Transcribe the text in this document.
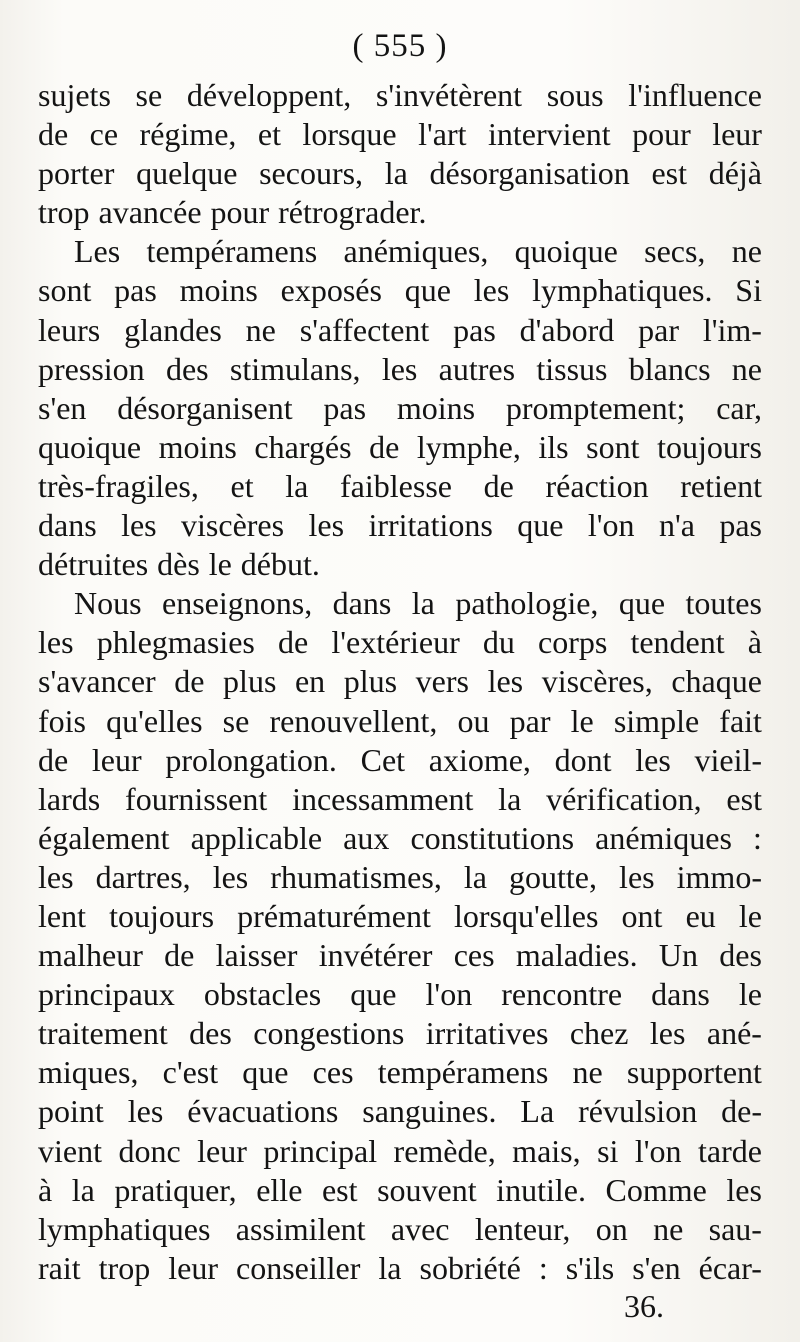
( 555 )
sujets se développent, s'invétèrent sous l'influence
de ce régime, et lorsque l'art intervient pour leur
porter quelque secours, la désorganisation est déjà
trop avancée pour rétrograder.
Les tempéramens anémiques, quoique secs, ne
sont pas moins exposés que les lymphatiques. Si
leurs glandes ne s'affectent pas d'abord par l'im-
pression des stimulans, les autres tissus blancs ne
s'en désorganisent pas moins promptement; car,
quoique moins chargés de lymphe, ils sont toujours
très-fragiles, et la faiblesse de réaction retient
dans les viscères les irritations que l'on n'a pas
détruites dès le début.
Nous enseignons, dans la pathologie, que toutes
les phlegmasies de l'extérieur du corps tendent à
s'avancer de plus en plus vers les viscères, chaque
fois qu'elles se renouvellent, ou par le simple fait
de leur prolongation. Cet axiome, dont les vieil-
lards fournissent incessamment la vérification, est
également applicable aux constitutions anémiques :
les dartres, les rhumatismes, la goutte, les immo-
lent toujours prématurément lorsqu'elles ont eu le
malheur de laisser invétérer ces maladies. Un des
principaux obstacles que l'on rencontre dans le
traitement des congestions irritatives chez les ané-
miques, c'est que ces tempéramens ne supportent
point les évacuations sanguines. La révulsion de-
vient donc leur principal remède, mais, si l'on tarde
à la pratiquer, elle est souvent inutile. Comme les
lymphatiques assimilent avec lenteur, on ne sau-
rait trop leur conseiller la sobriété : s'ils s'en écar-
36.
